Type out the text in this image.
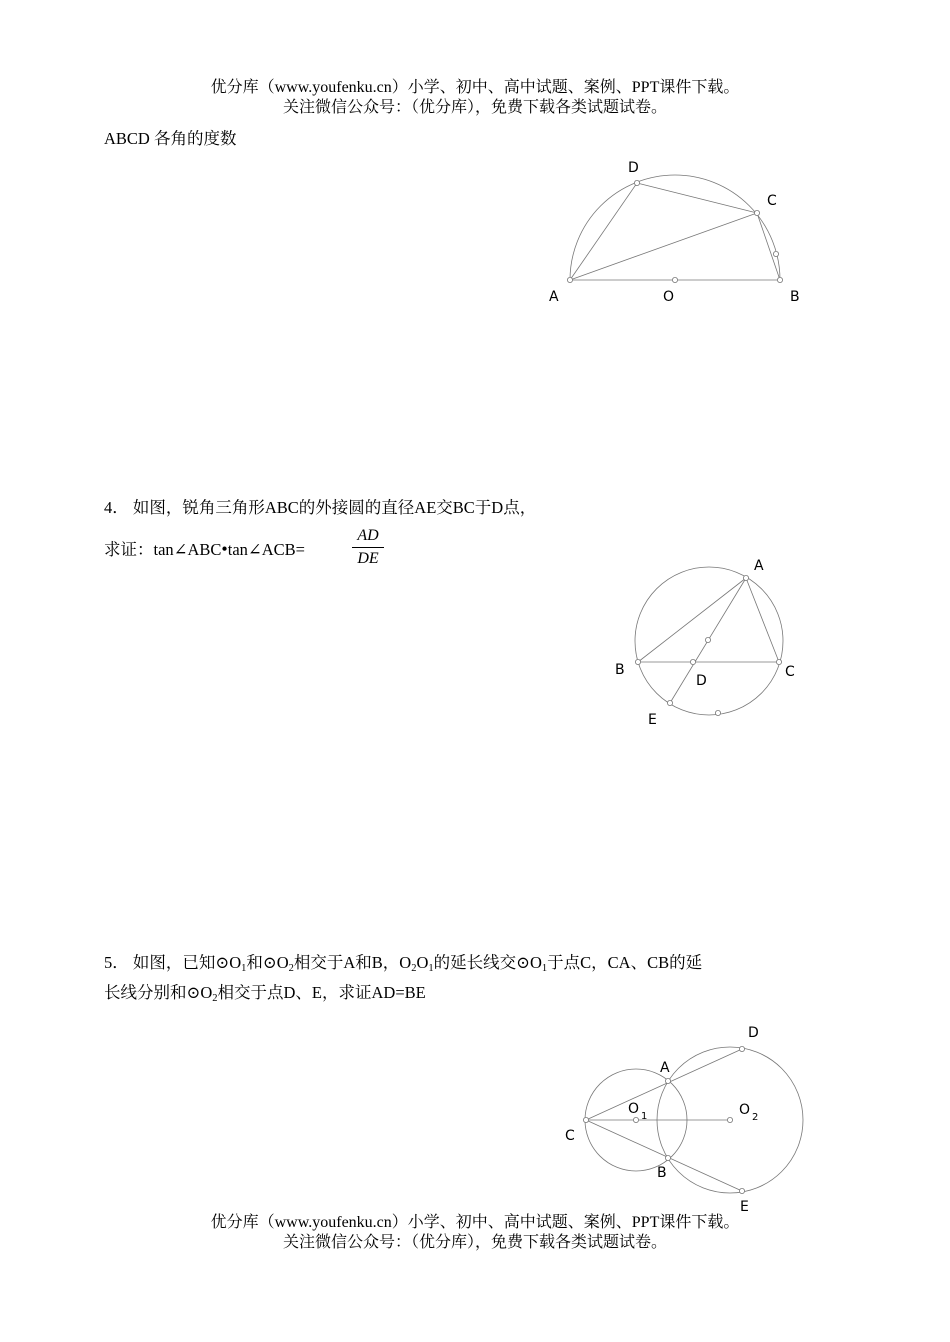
优分库（www.youfenku.cn）小学、初中、高中试题、案例、PPT课件下载。
关注微信公众号：（优分库），免费下载各类试题试卷。
ABCD 各角的度数
4． 如图，锐角三角形ABC的外接圆的直径AE交BC于D点，
求证：tan∠ABC•tan∠ACB=
AD
DE
5． 如图，已知$⊙O_1$和$⊙O_2$相交于A和B，$O_2O_1$的延长线交$⊙O_1$于点C，CA、CB的延
长线分别和$⊙O_2$相交于点D、E，求证AD=BE
D
C
A	O	B
A
B	C
D
E
D
A
O 1	O 2
C
B
E
优分库（www.youfenku.cn）小学、初中、高中试题、案例、PPT课件下载。
关注微信公众号：（优分库），免费下载各类试题试卷。
